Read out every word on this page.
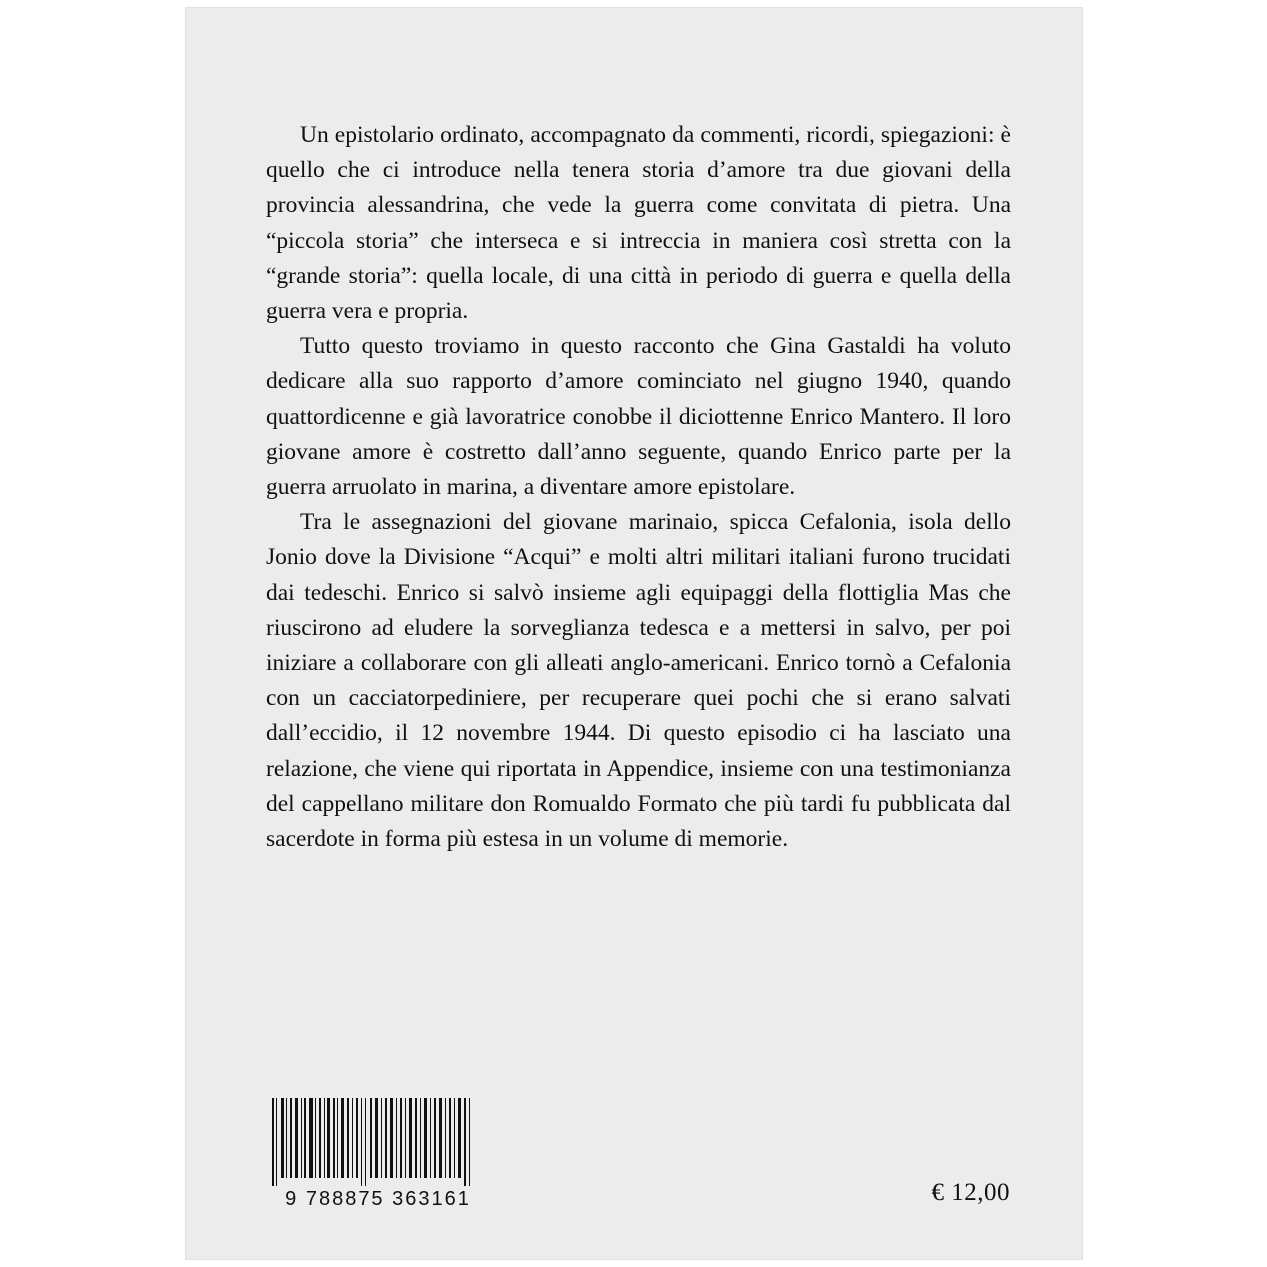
Un epistolario ordinato, accompagnato da commenti, ricordi, spiegazioni: è quello che ci introduce nella tenera storia d’amore tra due giovani della provincia alessandrina, che vede la guerra come convitata di pietra. Una “piccola storia” che interseca e si intreccia in maniera così stretta con la “grande storia”: quella locale, di una città in periodo di guerra e quella della guerra vera e propria.

Tutto questo troviamo in questo racconto che Gina Gastaldi ha voluto dedicare alla suo rapporto d’amore cominciato nel giugno 1940, quando quattordicenne e già lavoratrice conobbe il diciottenne Enrico Mantero. Il loro giovane amore è costretto dall’anno seguente, quando Enrico parte per la guerra arruolato in marina, a diventare amore epistolare.

Tra le assegnazioni del giovane marinaio, spicca Cefalonia, isola dello Jonio dove la Divisione “Acqui” e molti altri militari italiani furono trucidati dai tedeschi. Enrico si salvò insieme agli equipaggi della flottiglia Mas che riuscirono ad eludere la sorveglianza tedesca e a mettersi in salvo, per poi iniziare a collaborare con gli alleati anglo-americani. Enrico tornò a Cefalonia con un cacciatorpediniere, per recuperare quei pochi che si erano salvati dall’eccidio, il 12 novembre 1944. Di questo episodio ci ha lasciato una relazione, che viene qui riportata in Appendice, insieme con una testimonianza del cappellano militare don Romualdo Formato che più tardi fu pubblicata dal sacerdote in forma più estesa in un volume di memorie.

9 788875 363161	€ 12,00
